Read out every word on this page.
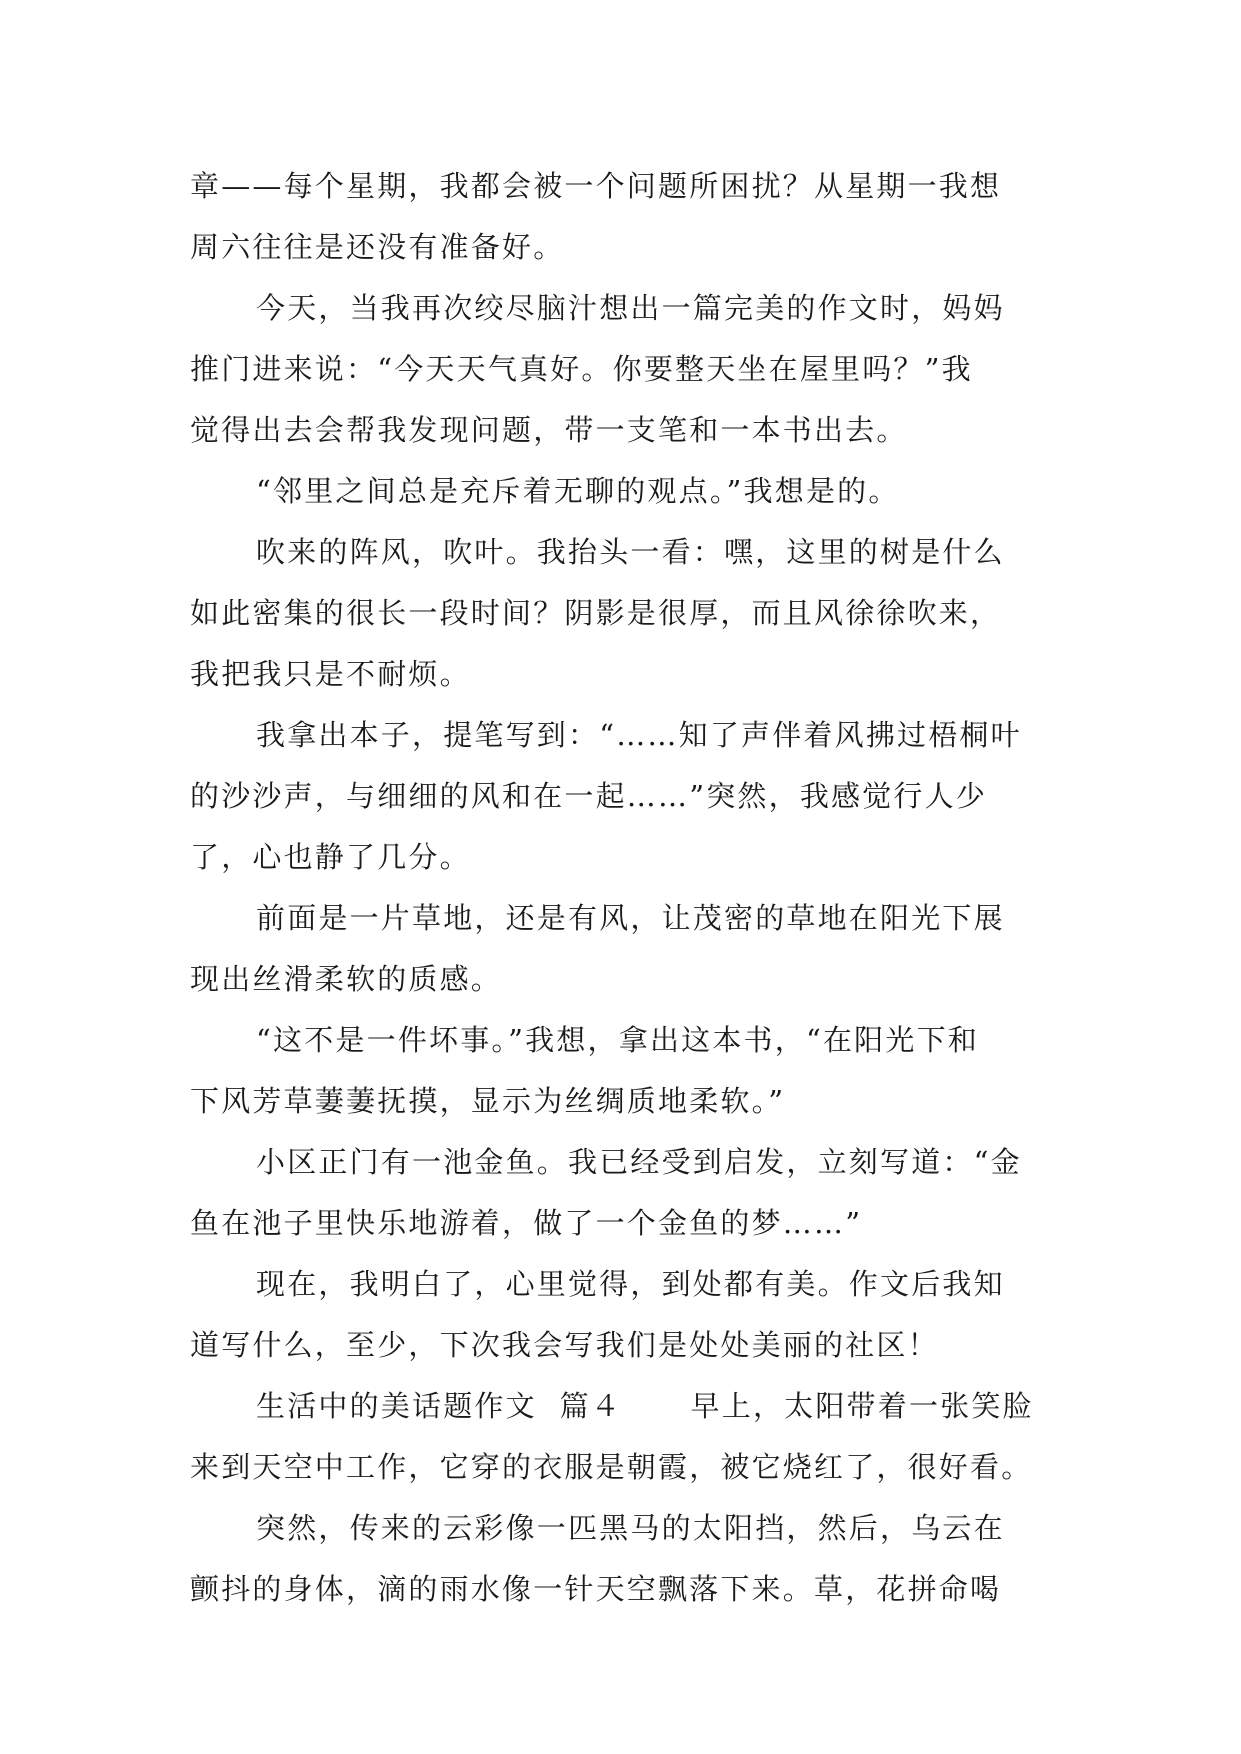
章——每个星期，我都会被一个问题所困扰？从星期一我想

周六往往是还没有准备好。

今天，当我再次绞尽脑汁想出一篇完美的作文时，妈妈

推门进来说：“今天天气真好。你要整天坐在屋里吗？”我

觉得出去会帮我发现问题，带一支笔和一本书出去。

“邻里之间总是充斥着无聊的观点。”我想是的。

吹来的阵风，吹叶。我抬头一看：嘿，这里的树是什么

如此密集的很长一段时间？阴影是很厚，而且风徐徐吹来，

我把我只是不耐烦。

我拿出本子，提笔写到：“……知了声伴着风拂过梧桐叶

的沙沙声，与细细的风和在一起……”突然，我感觉行人少

了，心也静了几分。

前面是一片草地，还是有风，让茂密的草地在阳光下展

现出丝滑柔软的质感。

“这不是一件坏事。”我想，拿出这本书，“在阳光下和

下风芳草萋萋抚摸，显示为丝绸质地柔软。”

小区正门有一池金鱼。我已经受到启发，立刻写道：“金

鱼在池子里快乐地游着，做了一个金鱼的梦……”

现在，我明白了，心里觉得，到处都有美。作文后我知

道写什么，至少，下次我会写我们是处处美丽的社区！

生活中的美话题作文  篇４      早上，太阳带着一张笑脸

来到天空中工作，它穿的衣服是朝霞，被它烧红了，很好看。

突然，传来的云彩像一匹黑马的太阳挡，然后，乌云在

颤抖的身体，滴的雨水像一针天空飘落下来。草，花拼命喝
